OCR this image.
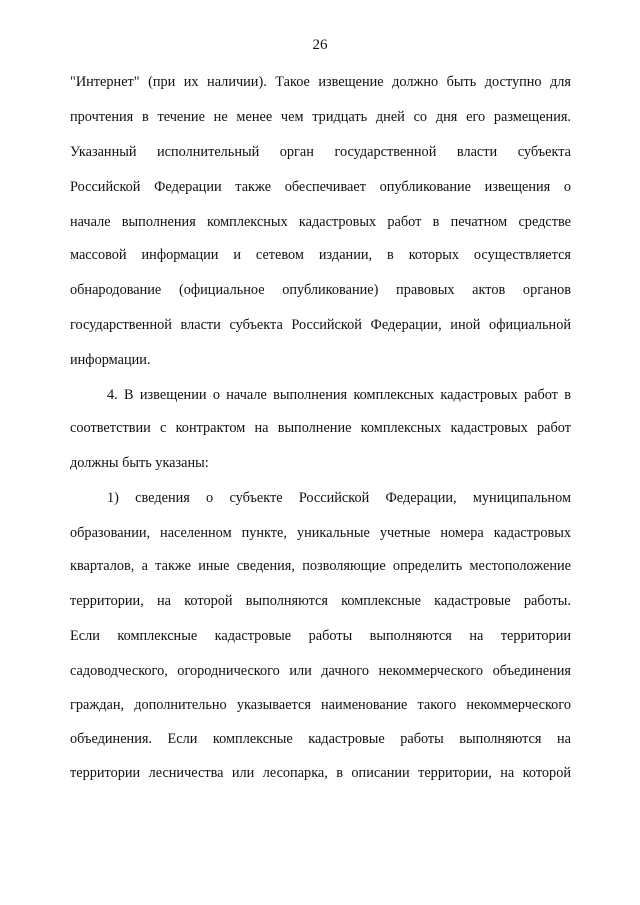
26
"Интернет" (при их наличии). Такое извещение должно быть доступно для
прочтения в течение не менее чем тридцать дней со дня его размещения.
Указанный исполнительный орган государственной власти субъекта
Российской Федерации также обеспечивает опубликование извещения о
начале выполнения комплексных кадастровых работ в печатном средстве
массовой информации и сетевом издании, в которых осуществляется
обнародование (официальное опубликование) правовых актов органов
государственной власти субъекта Российской Федерации, иной официальной
информации.
4. В извещении о начале выполнения комплексных кадастровых работ в
соответствии с контрактом на выполнение комплексных кадастровых работ
должны быть указаны:
1) сведения о субъекте Российской Федерации, муниципальном
образовании, населенном пункте, уникальные учетные номера кадастровых
кварталов, а также иные сведения, позволяющие определить местоположение
территории, на которой выполняются комплексные кадастровые работы.
Если комплексные кадастровые работы выполняются на территории
садоводческого, огороднического или дачного некоммерческого объединения
граждан, дополнительно указывается наименование такого некоммерческого
объединения. Если комплексные кадастровые работы выполняются на
территории лесничества или лесопарка, в описании территории, на которой
